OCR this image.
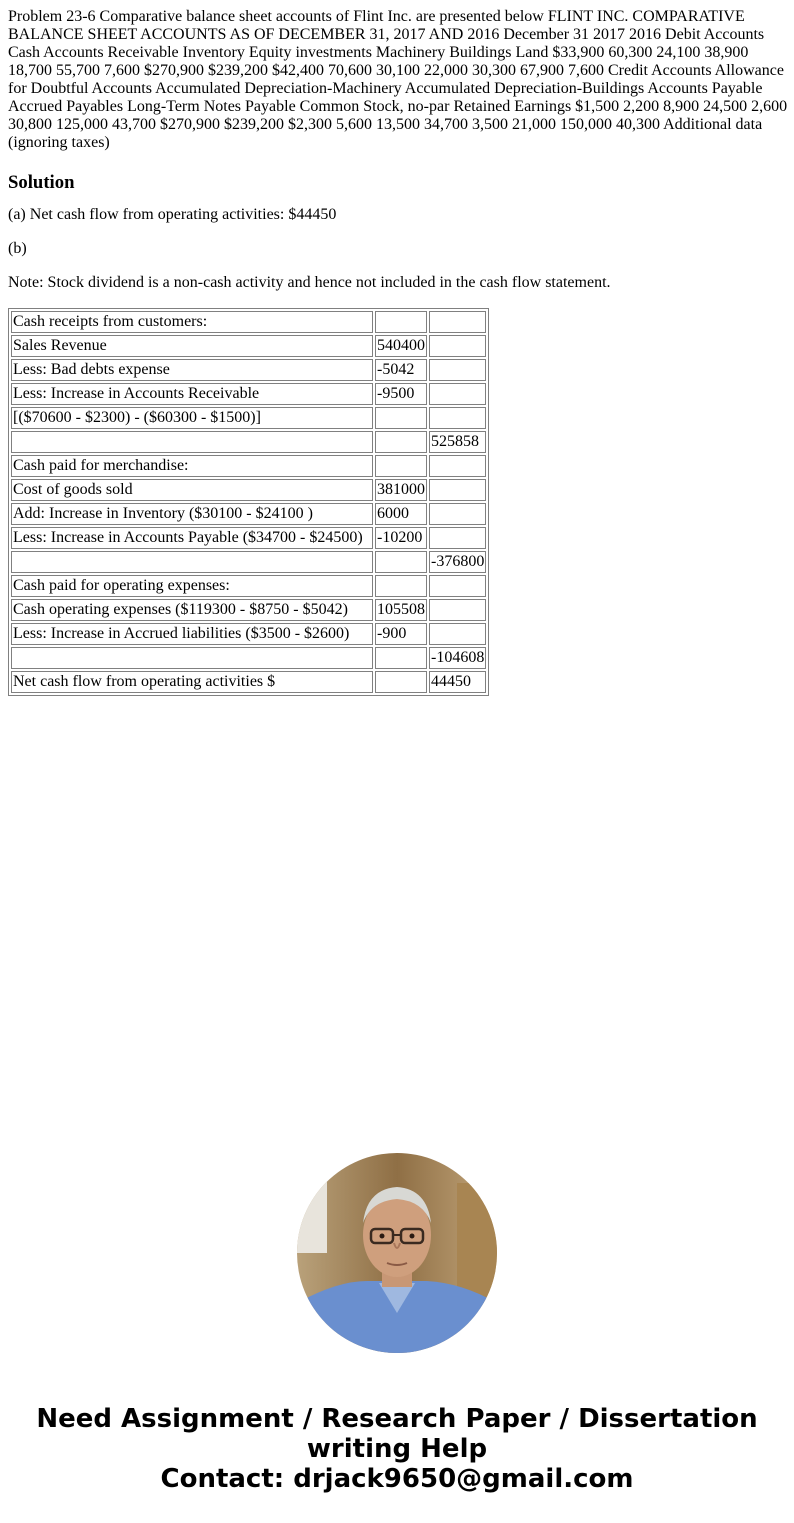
Problem 23-6 Comparative balance sheet accounts of Flint Inc. are presented below FLINT INC. COMPARATIVE BALANCE SHEET ACCOUNTS AS OF DECEMBER 31, 2017 AND 2016 December 31 2017 2016 Debit Accounts Cash Accounts Receivable Inventory Equity investments Machinery Buildings Land $33,900 60,300 24,100 38,900 18,700 55,700 7,600 $270,900 $239,200 $42,400 70,600 30,100 22,000 30,300 67,900 7,600 Credit Accounts Allowance for Doubtful Accounts Accumulated Depreciation-Machinery Accumulated Depreciation-Buildings Accounts Payable Accrued Payables Long-Term Notes Payable Common Stock, no-par Retained Earnings $1,500 2,200 8,900 24,500 2,600 30,800 125,000 43,700 $270,900 $239,200 $2,300 5,600 13,500 34,700 3,500 21,000 150,000 40,300 Additional data (ignoring taxes)

Solution

(a) Net cash flow from operating activities: $44450

(b)

Note: Stock dividend is a non-cash activity and hence not included in the cash flow statement.

Cash receipts from customers:		
Sales Revenue	540400	
Less: Bad debts expense	-5042	
Less: Increase in Accounts Receivable	-9500	
[($70600 - $2300) - ($60300 - $1500)]		
		525858
Cash paid for merchandise:		
Cost of goods sold	381000	
Add: Increase in Inventory ($30100 - $24100 )	6000	
Less: Increase in Accounts Payable ($34700 - $24500)	-10200	
		-376800
Cash paid for operating expenses:		
Cash operating expenses ($119300 - $8750 - $5042)	105508	
Less: Increase in Accrued liabilities ($3500 - $2600)	-900	
		-104608
Net cash flow from operating activities $		44450
Need Assignment / Research Paper / Dissertation
writing Help
Contact: drjack9650@gmail.com
